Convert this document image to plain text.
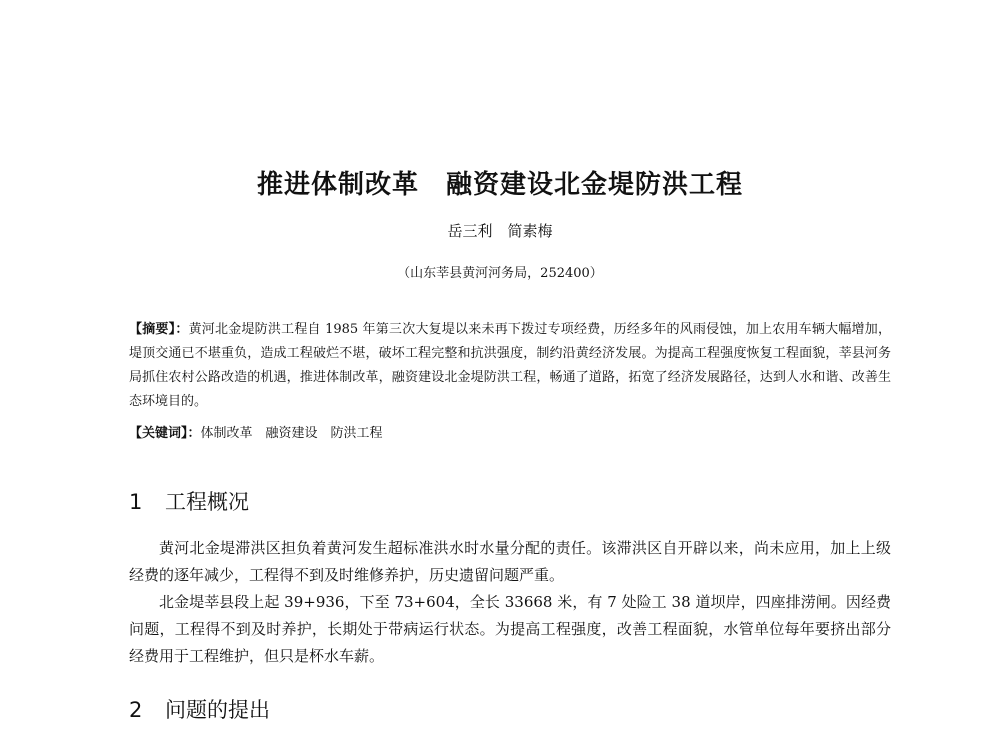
推进体制改革　融资建设北金堤防洪工程
岳三利　简素梅
（山东莘县黄河河务局，252400）
【摘要】：黄河北金堤防洪工程自 1985 年第三次大复堤以来未再下拨过专项经费，历经多年的风雨侵蚀，加上农用车辆大幅增加，堤顶交通已不堪重负，造成工程破烂不堪，破坏工程完整和抗洪强度，制约沿黄经济发展。为提高工程强度恢复工程面貌，莘县河务局抓住农村公路改造的机遇，推进体制改革，融资建设北金堤防洪工程，畅通了道路，拓宽了经济发展路径，达到人水和谐、改善生态环境目的。
【关键词】：体制改革　融资建设　防洪工程
1 工程概况

黄河北金堤滞洪区担负着黄河发生超标准洪水时水量分配的责任。该滞洪区自开辟以来，尚未应用，加上上级经费的逐年减少，工程得不到及时维修养护，历史遗留问题严重。

北金堤莘县段上起 39+936，下至 73+604，全长 33668 米，有 7 处险工 38 道坝岸，四座排涝闸。因经费问题，工程得不到及时养护，长期处于带病运行状态。为提高工程强度，改善工程面貌，水管单位每年要挤出部分经费用于工程维护，但只是杯水车薪。

2 问题的提出
